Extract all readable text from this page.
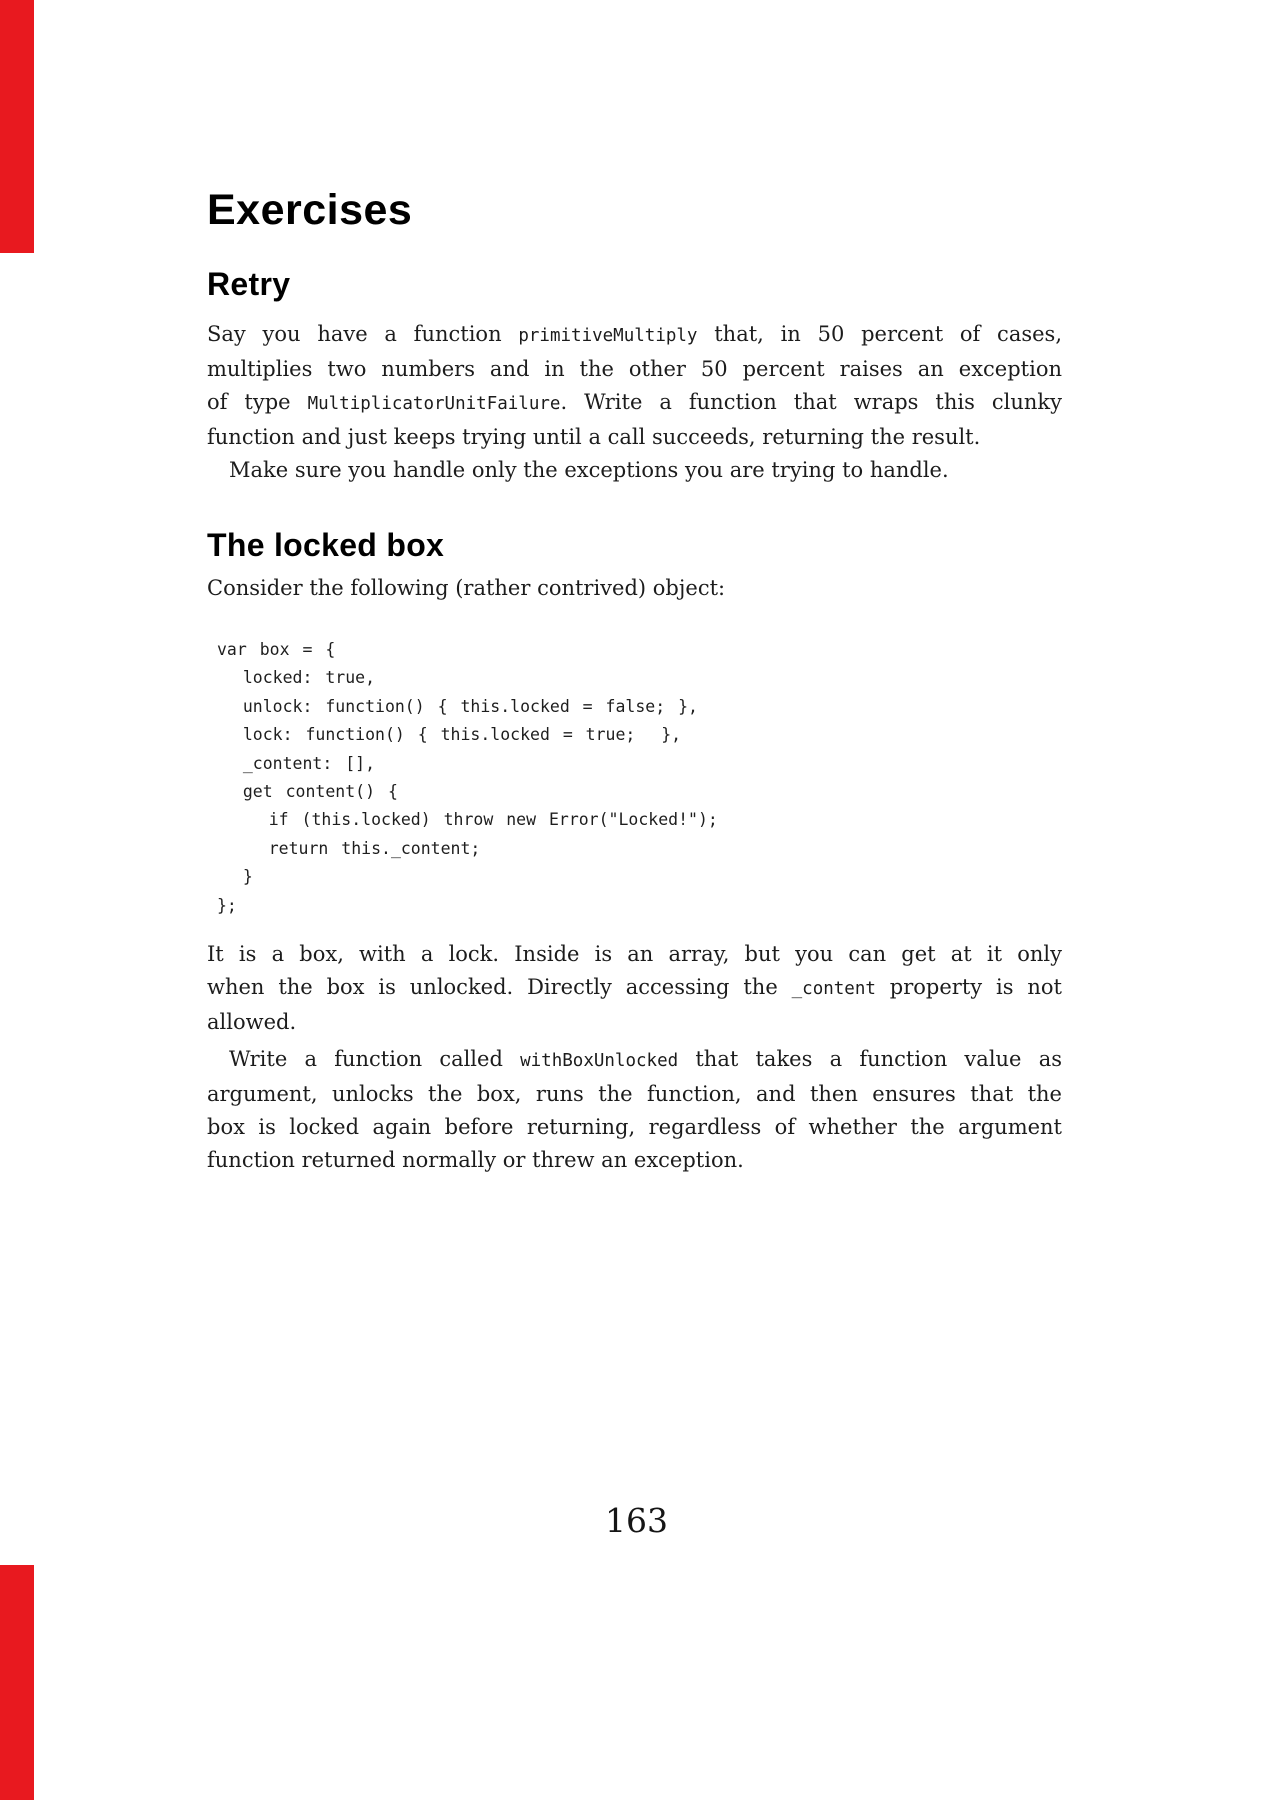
Exercises
Retry
Say you have a function primitiveMultiply that, in 50 percent of cases,
multiplies two numbers and in the other 50 percent raises an exception
of type MultiplicatorUnitFailure. Write a function that wraps this clunky
function and just keeps trying until a call succeeds, returning the result.
Make sure you handle only the exceptions you are trying to handle.
The locked box
Consider the following (rather contrived) object:
var box = {
locked: true,
unlock: function() { this.locked = false; },
lock: function() { this.locked = true;  },
_content: [],
get content() {
if (this.locked) throw new Error("Locked!");
return this._content;
}
};
It is a box, with a lock. Inside is an array, but you can get at it only
when the box is unlocked. Directly accessing the _content property is not
allowed.
Write a function called withBoxUnlocked that takes a function value as
argument, unlocks the box, runs the function, and then ensures that the
box is locked again before returning, regardless of whether the argument
function returned normally or threw an exception.
163
